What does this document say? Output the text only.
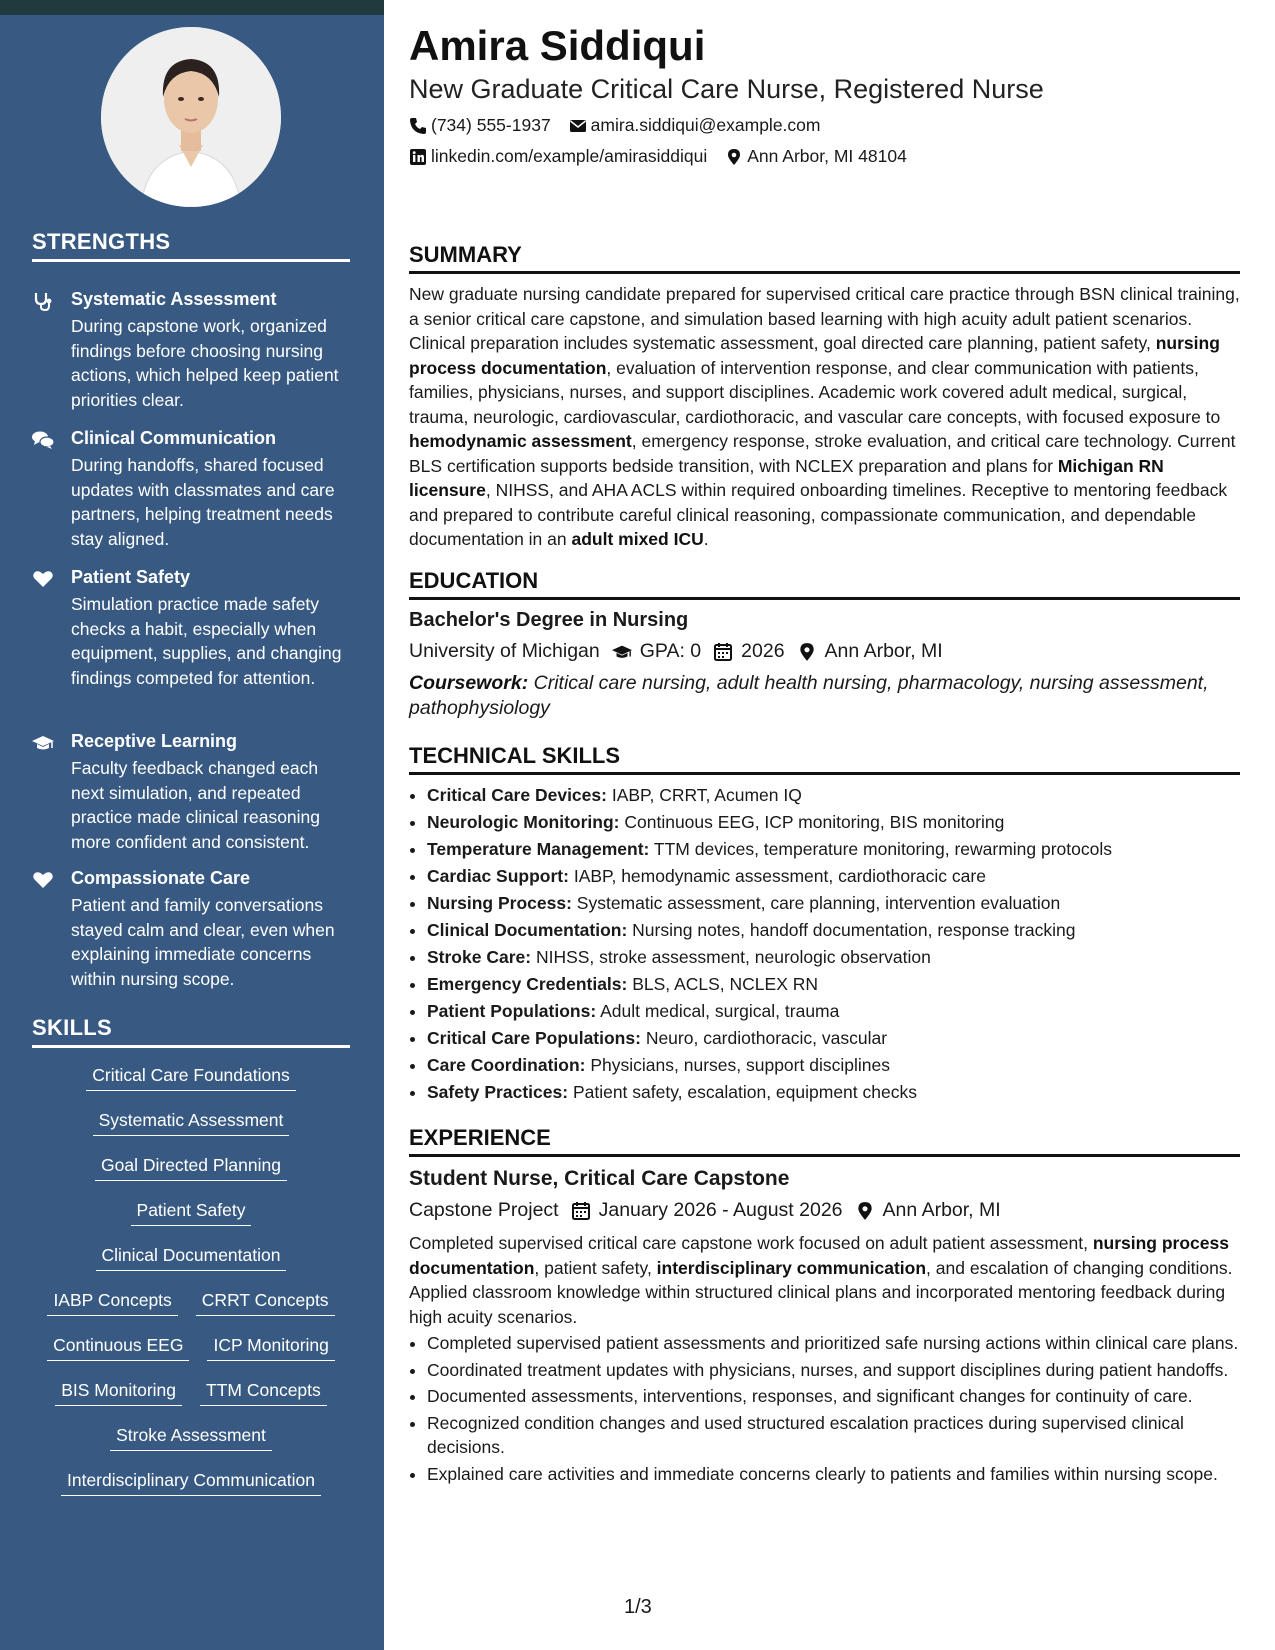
STRENGTHS
Systematic Assessment
During capstone work, organized findings before choosing nursing actions, which helped keep patient priorities clear.
Clinical Communication
During handoffs, shared focused updates with classmates and care partners, helping treatment needs stay aligned.
Patient Safety
Simulation practice made safety checks a habit, especially when equipment, supplies, and changing findings competed for attention.
Receptive Learning
Faculty feedback changed each next simulation, and repeated practice made clinical reasoning more confident and consistent.
Compassionate Care
Patient and family conversations stayed calm and clear, even when explaining immediate concerns within nursing scope.
SKILLS
Critical Care Foundations
Systematic Assessment
Goal Directed Planning
Patient Safety
Clinical Documentation
IABP Concepts	CRRT Concepts
Continuous EEG	ICP Monitoring
BIS Monitoring	TTM Concepts
Stroke Assessment
Interdisciplinary Communication
Amira Siddiqui
New Graduate Critical Care Nurse, Registered Nurse
(734) 555-1937 amira.siddiqui@example.com
linkedin.com/example/amirasiddiqui Ann Arbor, MI 48104
SUMMARY
New graduate nursing candidate prepared for supervised critical care practice through BSN clinical training, a senior critical care capstone, and simulation based learning with high acuity adult patient scenarios. Clinical preparation includes systematic assessment, goal directed care planning, patient safety, nursing process documentation, evaluation of intervention response, and clear communication with patients, families, physicians, nurses, and support disciplines. Academic work covered adult medical, surgical, trauma, neurologic, cardiovascular, cardiothoracic, and vascular care concepts, with focused exposure to hemodynamic assessment, emergency response, stroke evaluation, and critical care technology. Current BLS certification supports bedside transition, with NCLEX preparation and plans for Michigan RN licensure, NIHSS, and AHA ACLS within required onboarding timelines. Receptive to mentoring feedback and prepared to contribute careful clinical reasoning, compassionate communication, and dependable documentation in an adult mixed ICU.
EDUCATION
Bachelor's Degree in Nursing
University of Michigan GPA: 0 2026 Ann Arbor, MI
Coursework: Critical care nursing, adult health nursing, pharmacology, nursing assessment, pathophysiology
TECHNICAL SKILLS
• Critical Care Devices: IABP, CRRT, Acumen IQ
• Neurologic Monitoring: Continuous EEG, ICP monitoring, BIS monitoring
• Temperature Management: TTM devices, temperature monitoring, rewarming protocols
• Cardiac Support: IABP, hemodynamic assessment, cardiothoracic care
• Nursing Process: Systematic assessment, care planning, intervention evaluation
• Clinical Documentation: Nursing notes, handoff documentation, response tracking
• Stroke Care: NIHSS, stroke assessment, neurologic observation
• Emergency Credentials: BLS, ACLS, NCLEX RN
• Patient Populations: Adult medical, surgical, trauma
• Critical Care Populations: Neuro, cardiothoracic, vascular
• Care Coordination: Physicians, nurses, support disciplines
• Safety Practices: Patient safety, escalation, equipment checks
EXPERIENCE
Student Nurse, Critical Care Capstone
Capstone Project January 2026 - August 2026 Ann Arbor, MI
Completed supervised critical care capstone work focused on adult patient assessment, nursing process documentation, patient safety, interdisciplinary communication, and escalation of changing conditions. Applied classroom knowledge within structured clinical plans and incorporated mentoring feedback during high acuity scenarios.
• Completed supervised patient assessments and prioritized safe nursing actions within clinical care plans.
• Coordinated treatment updates with physicians, nurses, and support disciplines during patient handoffs.
• Documented assessments, interventions, responses, and significant changes for continuity of care.
• Recognized condition changes and used structured escalation practices during supervised clinical decisions.
• Explained care activities and immediate concerns clearly to patients and families within nursing scope.
1/3
